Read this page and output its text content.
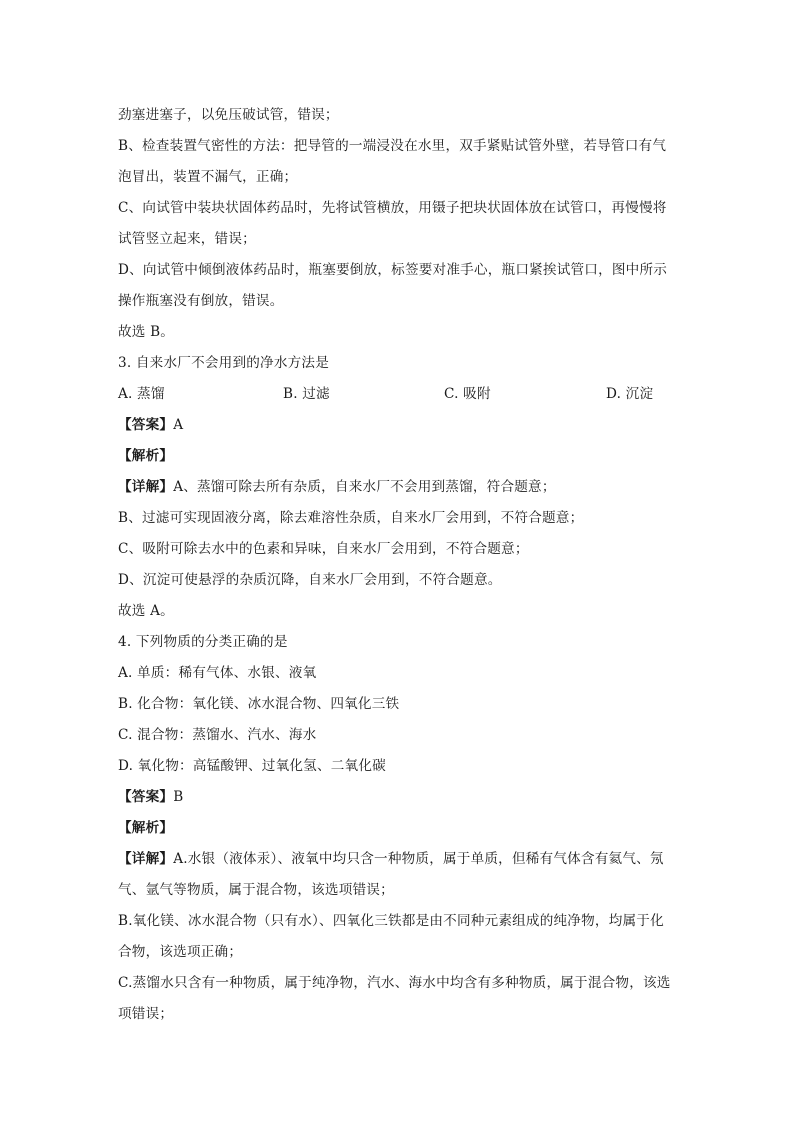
劲塞进塞子，以免压破试管，错误；
B、检查装置气密性的方法：把导管的一端浸没在水里，双手紧贴试管外壁，若导管口有气
泡冒出，装置不漏气，正确；
C、向试管中装块状固体药品时，先将试管横放，用镊子把块状固体放在试管口，再慢慢将
试管竖立起来，错误；
D、向试管中倾倒液体药品时，瓶塞要倒放，标签要对准手心，瓶口紧挨试管口，图中所示
操作瓶塞没有倒放，错误。
故选 B。
3. 自来水厂不会用到的净水方法是
A. 蒸馏	B. 过滤	C. 吸附	D. 沉淀
【答案】A
【解析】
【详解】A、蒸馏可除去所有杂质，自来水厂不会用到蒸馏，符合题意；
B、过滤可实现固液分离，除去难溶性杂质，自来水厂会用到，不符合题意；
C、吸附可除去水中的色素和异味，自来水厂会用到，不符合题意；
D、沉淀可使悬浮的杂质沉降，自来水厂会用到，不符合题意。
故选 A。
4. 下列物质的分类正确的是
A. 单质：稀有气体、水银、液氧
B. 化合物：氧化镁、冰水混合物、四氧化三铁
C. 混合物：蒸馏水、汽水、海水
D. 氧化物：高锰酸钾、过氧化氢、二氧化碳
【答案】B
【解析】
【详解】A.水银（液体汞）、液氧中均只含一种物质，属于单质，但稀有气体含有氦气、氖
气、氩气等物质，属于混合物，该选项错误；
B.氧化镁、冰水混合物（只有水）、四氧化三铁都是由不同种元素组成的纯净物，均属于化
合物，该选项正确；
C.蒸馏水只含有一种物质，属于纯净物，汽水、海水中均含有多种物质，属于混合物，该选
项错误；
